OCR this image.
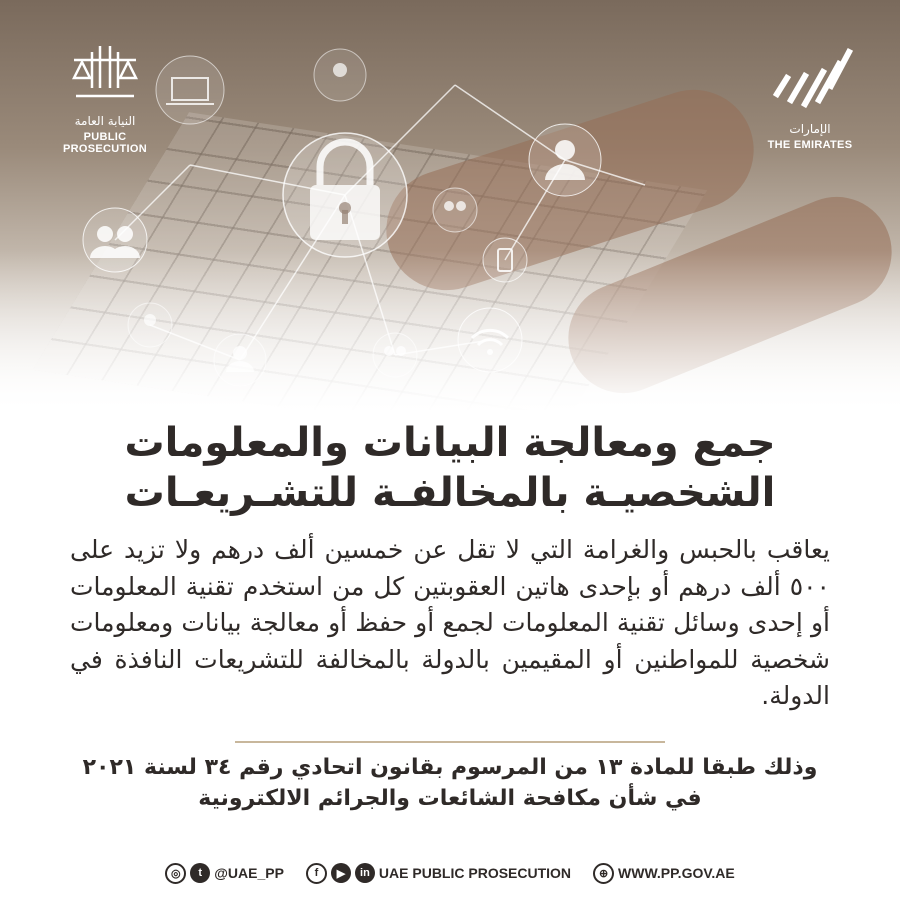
النيابة العامة
PUBLIC PROSECUTION
الإمارات
THE EMIRATES
جمع ومعالجة البيانات والمعلومات
الشخصيـة بالمخالفـة للتشـريعـات
يعاقب بالحبس والغرامة التي لا تقل عن خمسين ألف درهم ولا تزيد على ٥٠٠ ألف درهم أو بإحدى هاتين العقوبتين كل من استخدم تقنية المعلومات أو إحدى وسائل تقنية المعلومات لجمع أو حفظ أو معالجة بيانات ومعلومات شخصية للمواطنين أو المقيمين بالدولة بالمخالفة للتشريعات النافذة في الدولة.
وذلك طبقا للمادة ١٣ من المرسوم بقانون اتحادي رقم ٣٤ لسنة ٢٠٢١
في شأن مكافحة الشائعات والجرائم الالكترونية
◎	t @UAE_PP	f	▶	in UAE PUBLIC PROSECUTION	⊕ WWW.PP.GOV.AE
